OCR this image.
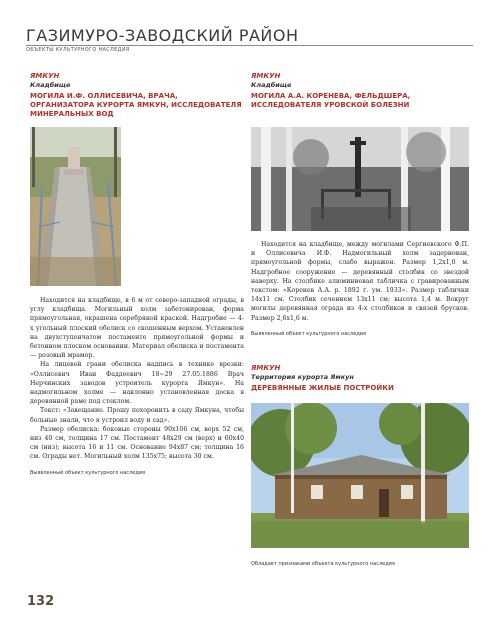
ГАЗИМУРО-ЗАВОДСКИЙ РАЙОН
ОБЪЕКТЫ КУЛЬТУРНОГО НАСЛЕДИЯ
ЯМКУН
Кладбище
МОГИЛА И.Ф. ОЛЛИСЕВИЧА, ВРАЧА, ОРГАНИЗАТОРА КУРОРТА ЯМКУН, ИССЛЕДОВАТЕЛЯ МИНЕРАЛЬНЫХ ВОД

Находится на кладбище, в 6 м от северо-западной ограды, в углу кладбища. Могильный холм забетонирован, форма прямоугольная, окрашена серебряной краской. Надгробие — 4-х угольный плоский обелиск со скошенным верхом. Установлен на двухступенчатом постаменте прямоугольной формы и бетонном плоском основании. Материал обелиска и постамента — розовый мрамор.

На лицевой грани обелиска надпись в технике врезки: «Оллисевич Иван Фаддеевич 18~29 27.05.1886 Врач Нерчинских заводов устроитель курорта Ямкун». На надмогильном холме — наклонно установленная доска в деревянной раме под стеклом.

Текст: «Завещание. Прошу похоронить в саду Ямкуна, чтобы больные знали, что я устроил воду и сад».

Размер обелиска: боковые стороны 90х106 см, верх 52 см, низ 40 см, толщина 17 см. Постамент 48х29 см (верх) и 60х40 см (низ); высота 16 и 11 см. Основание 94х87 см; толщина 16 см. Ограды нет. Могильный холм 135х75; высота 30 см.

Выявленный объект культурного наследия
ЯМКУН
Кладбище
МОГИЛА А.А. КОРЕНЕВА, ФЕЛЬДШЕРА, ИССЛЕДОВАТЕЛЯ УРОВСКОЙ БОЛЕЗНИ

Находится на кладбище, между могилами Сергиевского Ф.П. и Оллисевича И.Ф. Надмогильный холм задернован, прямоугольной формы, слабо выражен. Размер 1,2х1,0 м. Надгробное сооружение — деревянный столбик со звездой наверху. На столбике алюминиевая табличка с гравированным текстом: «Коренев А.А. р. 1892 г. ум. 1933». Размер таблички 14х11 см. Столбик сечением 13х11 см; высота 1,4 м. Вокруг могилы деревянная ограда из 4-х столбиков и связей брусков. Размер 2,6х1,6 м.

Выявленный объект культурного наследия
ЯМКУН
Территория курорта Ямкун
ДЕРЕВЯННЫЕ ЖИЛЫЕ ПОСТРОЙКИ
Обладает признаками объекта культурного наследия
132
